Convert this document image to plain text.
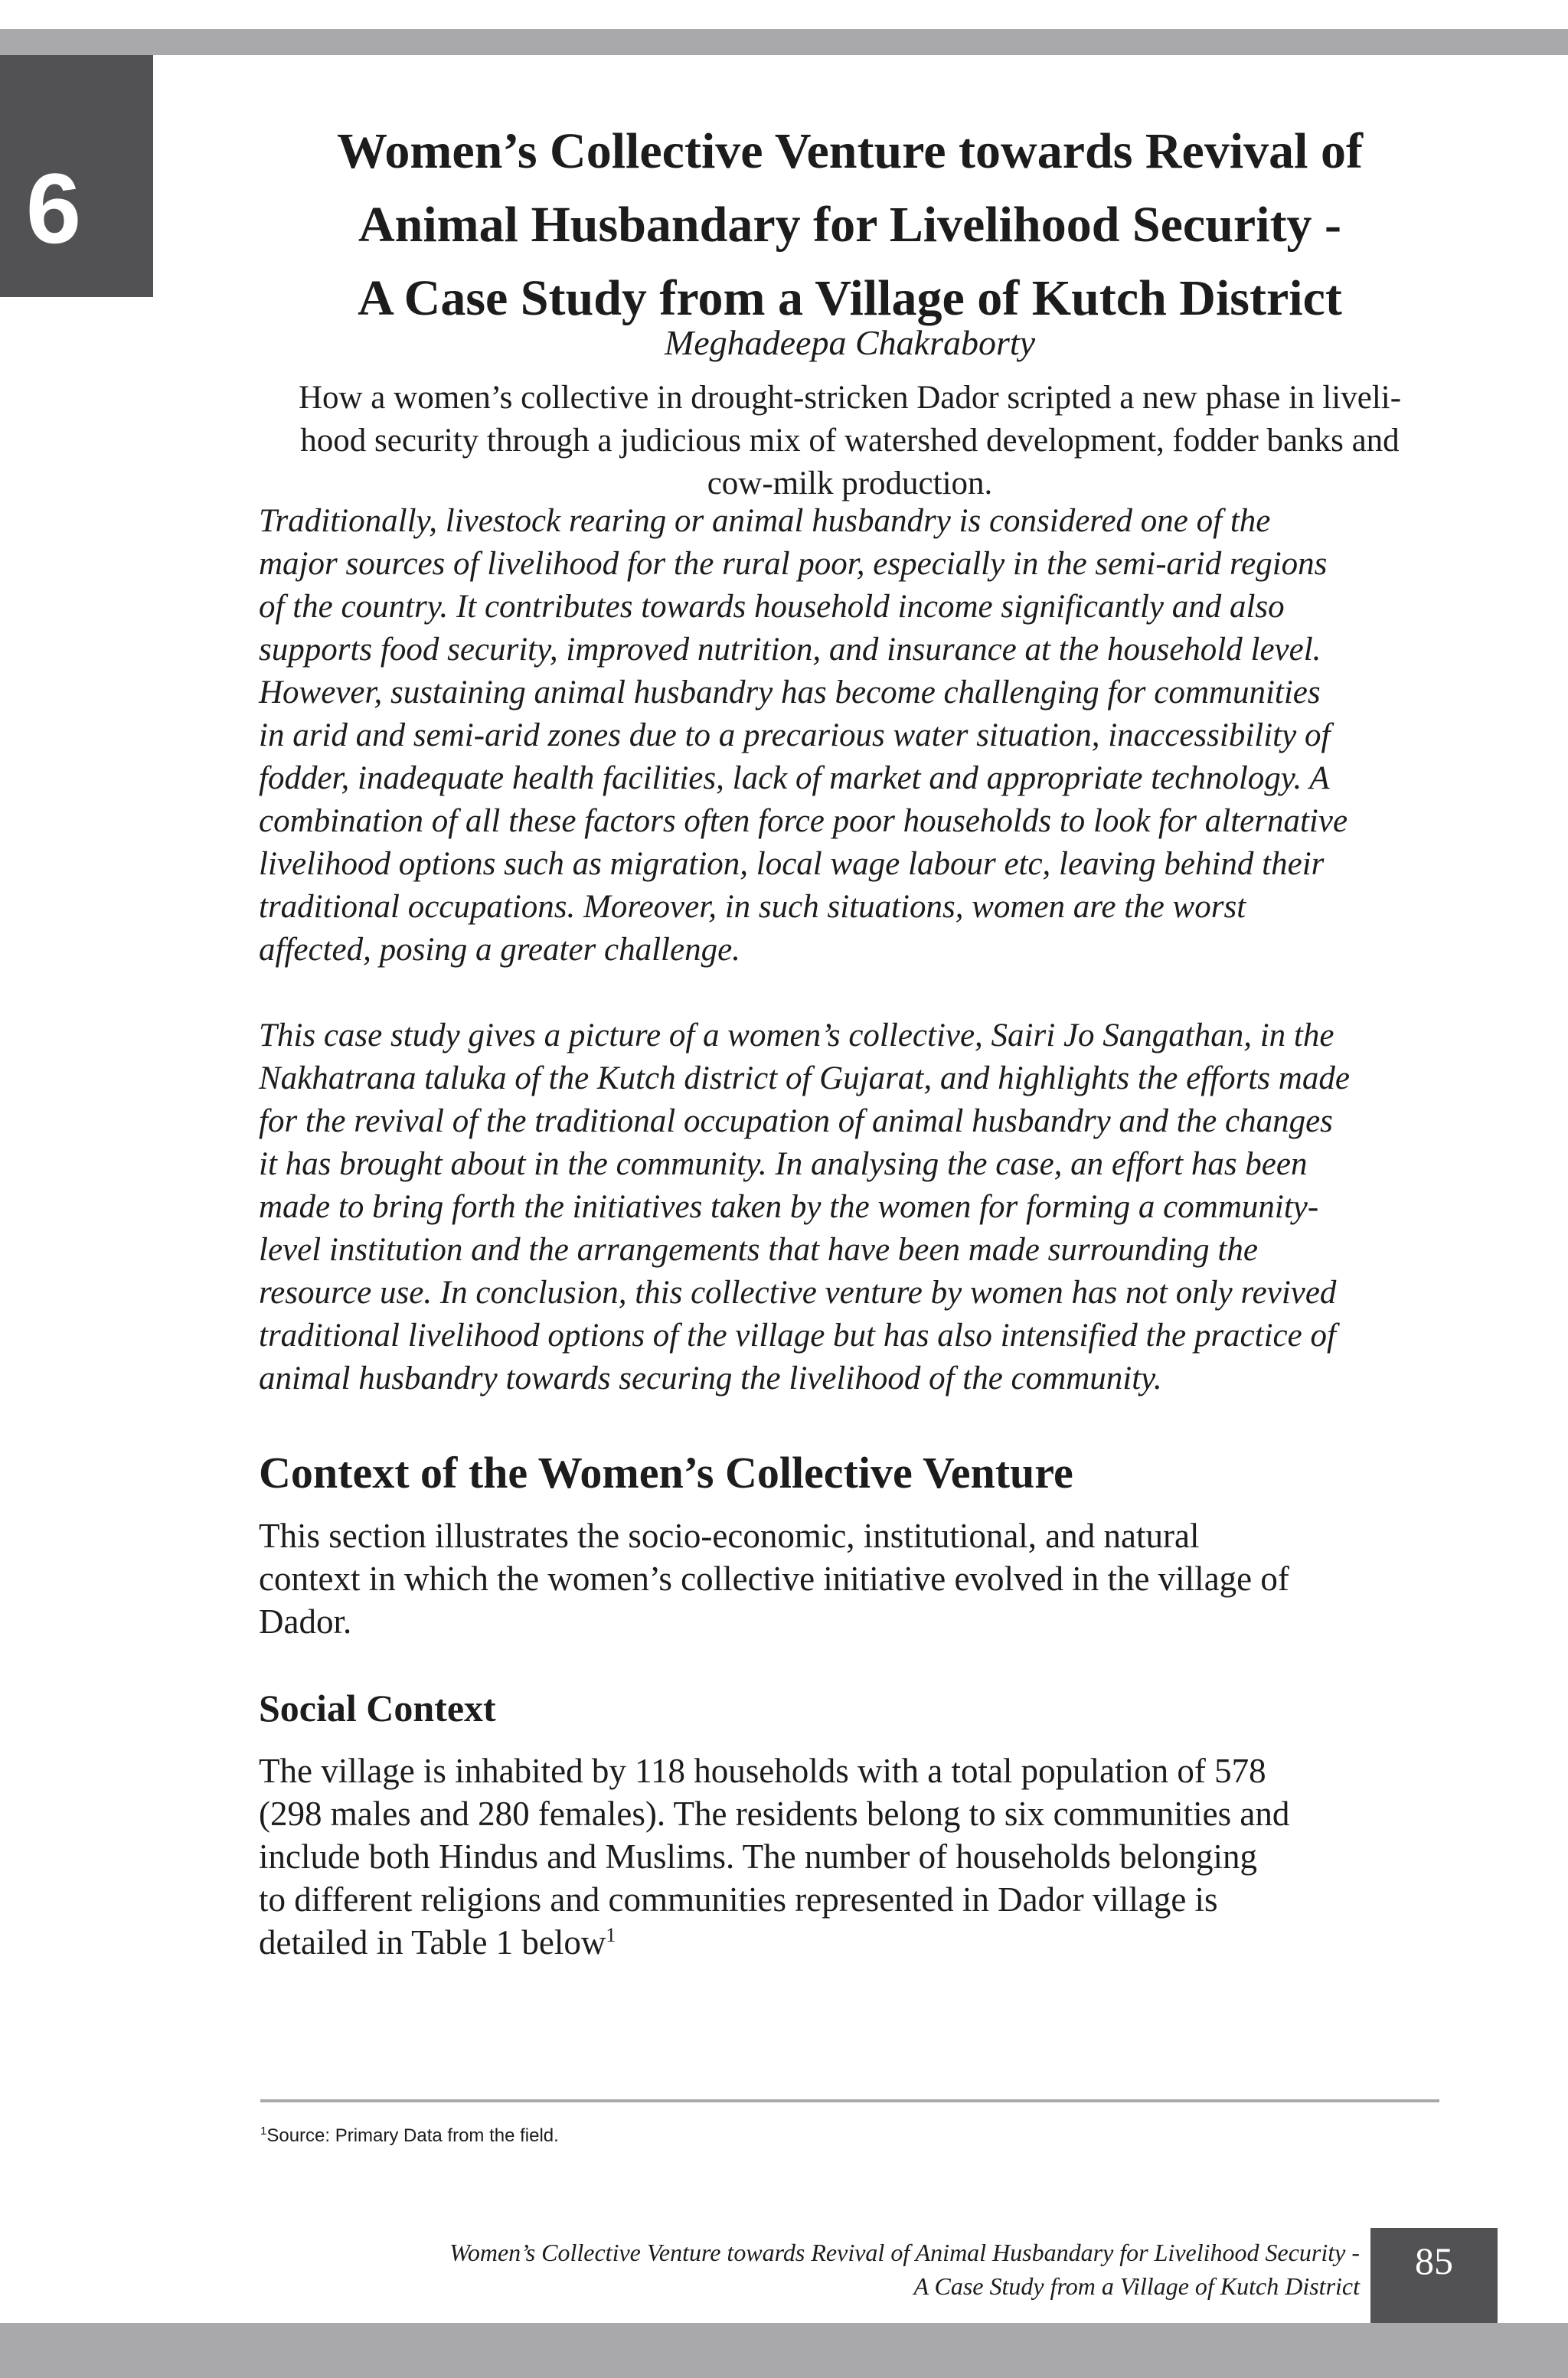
6	CASE STUDY	Women’s Collective Venture towards Revival of
Animal Husbandary for Livelihood Security -
A Case Study from a Village of Kutch District
Meghadeepa Chakraborty
How a women’s collective in drought-stricken Dador scripted a new phase in liveli-
hood security through a judicious mix of watershed development, fodder banks and
cow-milk production.

Traditionally, livestock rearing or animal husbandry is considered one of the
major sources of livelihood for the rural poor, especially in the semi-arid regions
of the country. It contributes towards household income significantly and also
supports food security, improved nutrition, and insurance at the household level.
However, sustaining animal husbandry has become challenging for communities
in arid and semi-arid zones due to a precarious water situation, inaccessibility of
fodder, inadequate health facilities, lack of market and appropriate technology. A
combination of all these factors often force poor households to look for alternative
livelihood options such as migration, local wage labour etc, leaving behind their
traditional occupations. Moreover, in such situations, women are the worst
affected, posing a greater challenge.

This case study gives a picture of a women’s collective, Sairi Jo Sangathan, in the
Nakhatrana taluka of the Kutch district of Gujarat, and highlights the efforts made
for the revival of the traditional occupation of animal husbandry and the changes
it has brought about in the community. In analysing the case, an effort has been
made to bring forth the initiatives taken by the women for forming a community-
level institution and the arrangements that have been made surrounding the
resource use. In conclusion, this collective venture by women has not only revived
traditional livelihood options of the village but has also intensified the practice of
animal husbandry towards securing the livelihood of the community.

Context of the Women’s Collective Venture

This section illustrates the socio-economic, institutional, and natural
context in which the women’s collective initiative evolved in the village of
Dador.

Social Context

The village is inhabited by 118 households with a total population of 578
(298 males and 280 females). The residents belong to six communities and
include both Hindus and Muslims. The number of households belonging
to different religions and communities represented in Dador village is
detailed in Table 1 below$^1$

$^1$Source: Primary Data from the field.
Women’s Collective Venture towards Revival of Animal Husbandary for Livelihood Security -
A Case Study from a Village of Kutch District
85
